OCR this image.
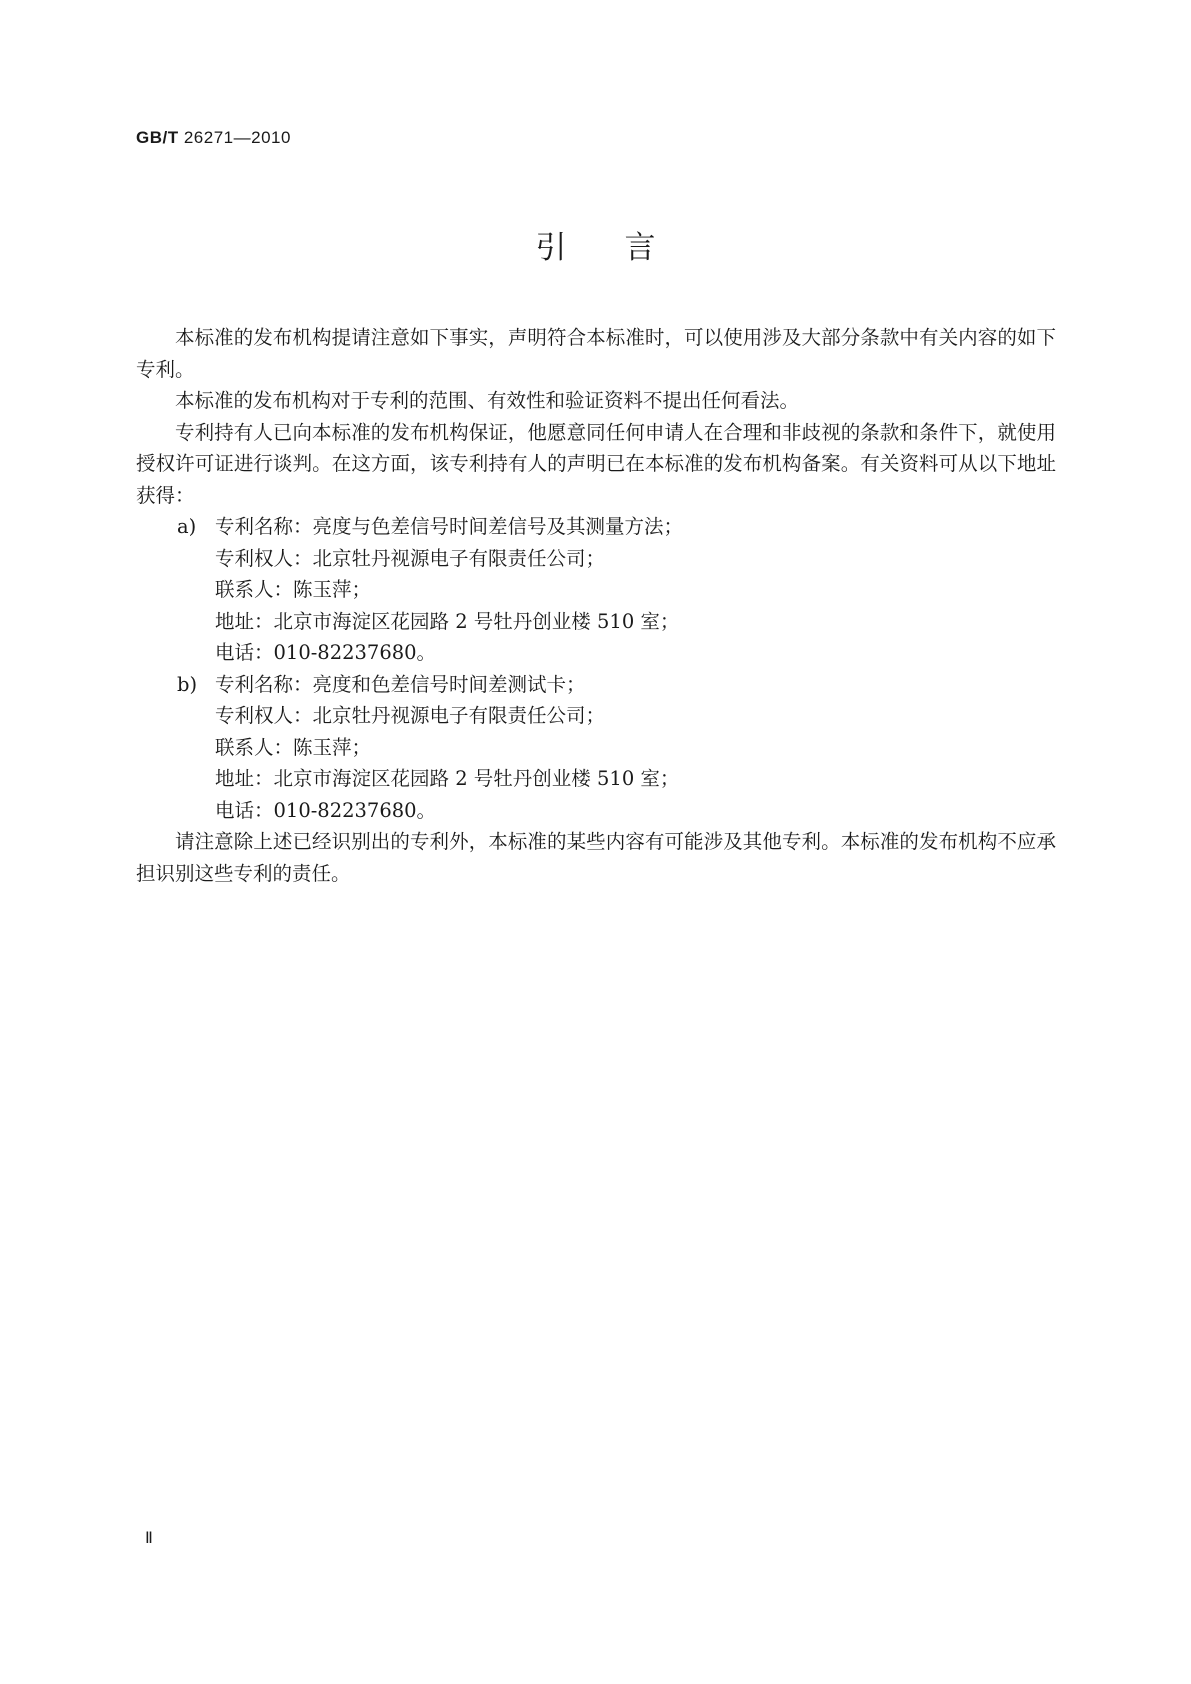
GB/T 26271—2010
引言

本标准的发布机构提请注意如下事实，声明符合本标准时，可以使用涉及大部分条款中有关内容的如下专利。

本标准的发布机构对于专利的范围、有效性和验证资料不提出任何看法。

专利持有人已向本标准的发布机构保证，他愿意同任何申请人在合理和非歧视的条款和条件下，就使用授权许可证进行谈判。在这方面，该专利持有人的声明已在本标准的发布机构备案。有关资料可从以下地址获得：

a) 专利名称：亮度与色差信号时间差信号及其测量方法；

专利权人：北京牡丹视源电子有限责任公司；

联系人：陈玉萍；

地址：北京市海淀区花园路 2 号牡丹创业楼 510 室；

电话：010-82237680。

b) 专利名称：亮度和色差信号时间差测试卡；

专利权人：北京牡丹视源电子有限责任公司；

联系人：陈玉萍；

地址：北京市海淀区花园路 2 号牡丹创业楼 510 室；

电话：010-82237680。

请注意除上述已经识别出的专利外，本标准的某些内容有可能涉及其他专利。本标准的发布机构不应承担识别这些专利的责任。

Ⅱ
